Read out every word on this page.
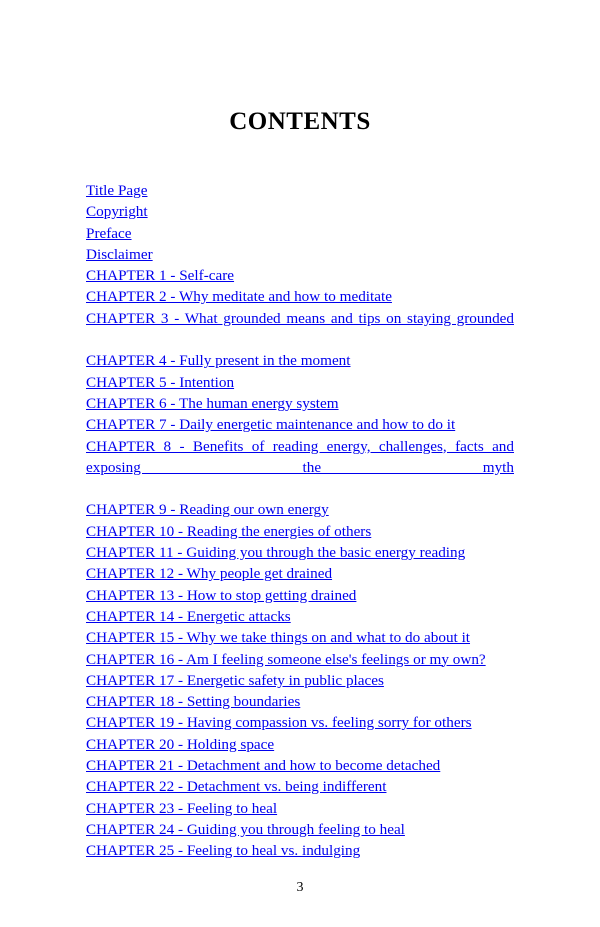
CONTENTS
Title Page
Copyright
Preface
Disclaimer
CHAPTER 1 - Self-care
CHAPTER 2 - Why meditate and how to meditate
CHAPTER 3 - What grounded means and tips on staying grounded
CHAPTER 4 - Fully present in the moment
CHAPTER 5 - Intention
CHAPTER 6 - The human energy system
CHAPTER 7 - Daily energetic maintenance and how to do it
CHAPTER 8 - Benefits of reading energy, challenges, facts and exposing the myth
CHAPTER 9 - Reading our own energy
CHAPTER 10 - Reading the energies of others
CHAPTER 11 - Guiding you through the basic energy reading
CHAPTER 12 - Why people get drained
CHAPTER 13 - How to stop getting drained
CHAPTER 14 - Energetic attacks
CHAPTER 15 - Why we take things on and what to do about it
CHAPTER 16 - Am I feeling someone else's feelings or my own?
CHAPTER 17 - Energetic safety in public places
CHAPTER 18 - Setting boundaries
CHAPTER 19 - Having compassion vs. feeling sorry for others
CHAPTER 20 - Holding space
CHAPTER 21 - Detachment and how to become detached
CHAPTER 22 - Detachment vs. being indifferent
CHAPTER 23 - Feeling to heal
CHAPTER 24 - Guiding you through feeling to heal
CHAPTER 25 - Feeling to heal vs. indulging
3
